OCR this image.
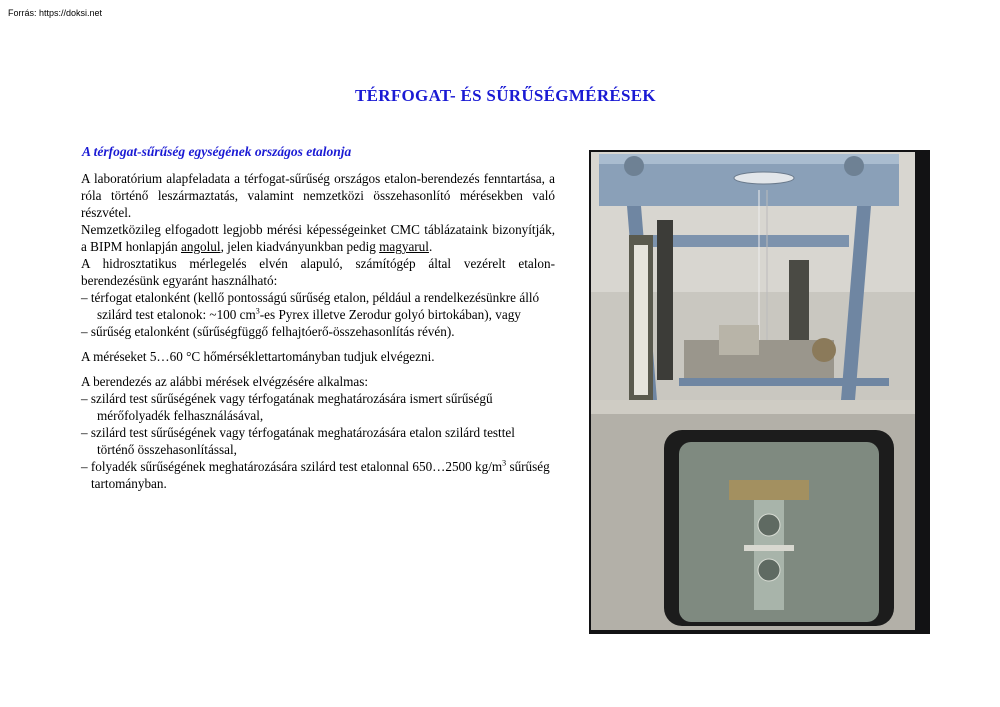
Forrás: https://doksi.net
TÉRFOGAT- ÉS SŰRŰSÉGMÉRÉSEK
A térfogat-sűrűség egységének országos etalonja

A laboratórium alapfeladata a térfogat-sűrűség országos etalon-berendezés fenntartása, a róla történő leszármaztatás, valamint nemzetközi összehasonlító mérésekben való részvétel.

Nemzetközileg elfogadott legjobb mérési képességeinket CMC táblázataink bizonyítják, a BIPM honlapján angolul, jelen kiadványunkban pedig magyarul.

A hidrosztatikus mérlegelés elvén alapuló, számítógép által vezérelt etalon-berendezésünk egyaránt használható:

– térfogat etalonként (kellő pontosságú sűrűség etalon, például a rendelkezésünkre álló szilárd test etalonok: ~100 $cm^3-es$ Pyrex illetve Zerodur golyó birtokában), vagy

– sűrűség etalonként (sűrűségfüggő felhajtóerő-összehasonlítás révén).

A méréseket 5…60 °C hőmérséklettartományban tudjuk elvégezni.

A berendezés az alábbi mérések elvégzésére alkalmas:

– szilárd test sűrűségének vagy térfogatának meghatározására ismert sűrűségű mérőfolyadék felhasználásával,

– szilárd test sűrűségének vagy térfogatának meghatározására etalon szilárd testtel történő összehasonlítással,

– folyadék sűrűségének meghatározására szilárd test etalonnal 650…2500 $kg/m^3$ sűrűség tartományban.
